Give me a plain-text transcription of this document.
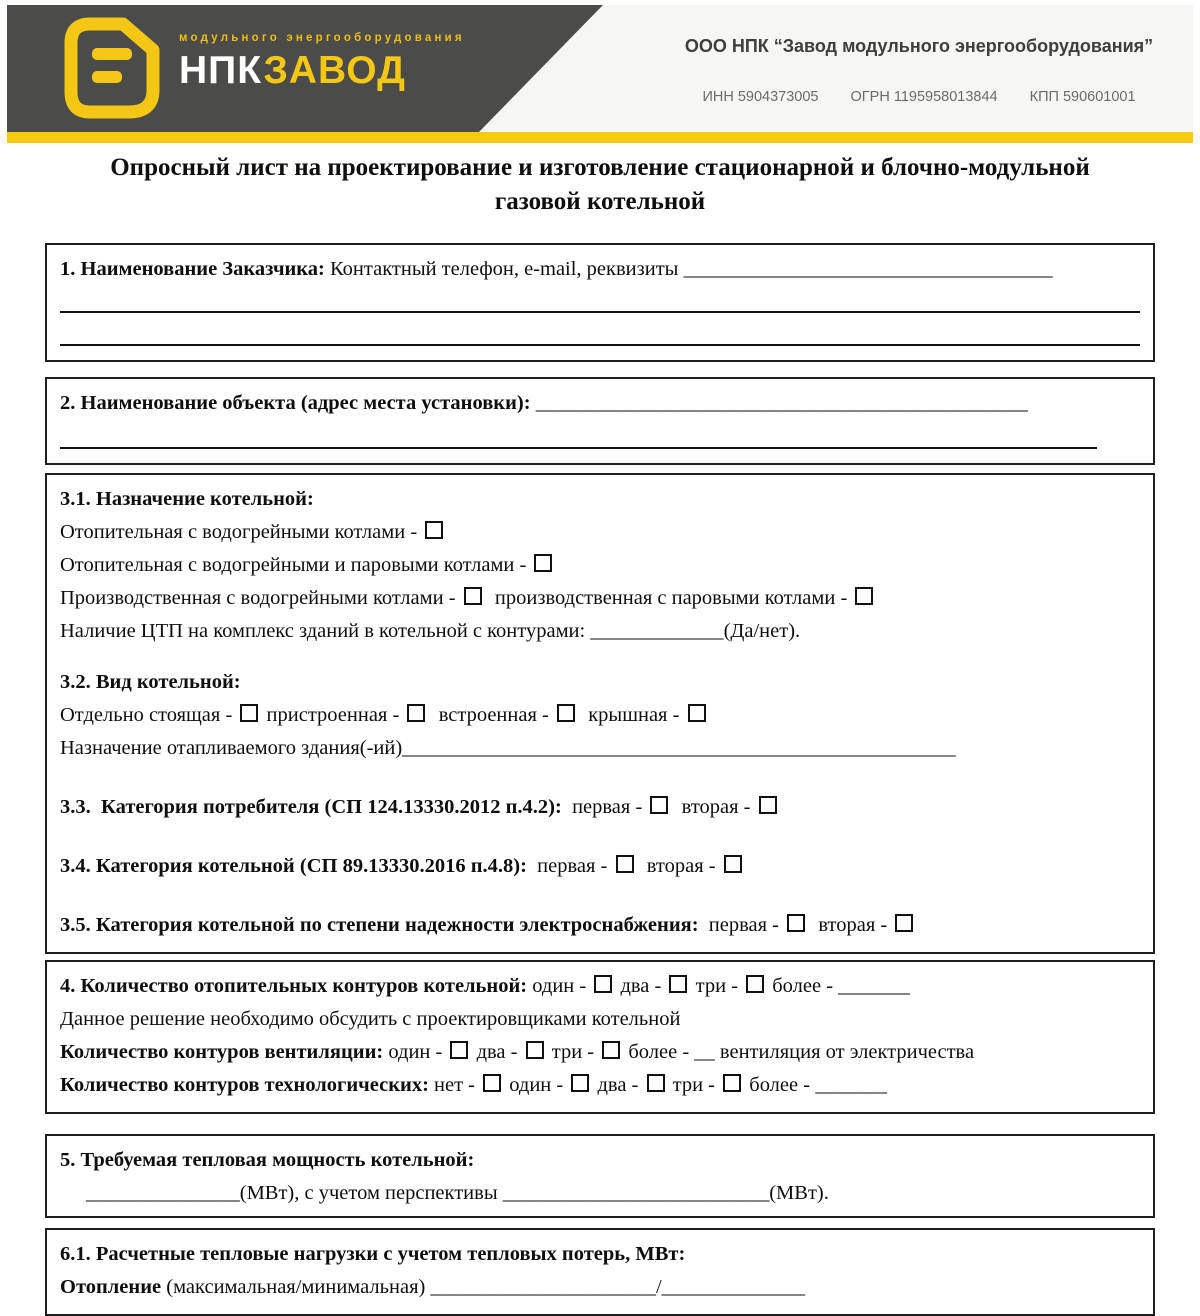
модульного энергооборудования
НПКЗАВОД
ООО НПК “Завод модульного энергооборудования”
ИНН 5904373005 ОГРН 1195958013844 КПП 590601001
Опросный лист на проектирование и изготовление стационарной и блочно-модульной газовой котельной
1. Наименование Заказчика: Контактный телефон, e-mail, реквизиты ____________________________________
2. Наименование объекта (адрес места установки): ________________________________________________
3.1. Назначение котельной:
Отопительная с водогрейными котлами -
Отопительная с водогрейными и паровыми котлами -
Производственная с водогрейными котлами -   производственная с паровыми котлами -
Наличие ЦТП на комплекс зданий в котельной с контурами: _____________(Да/нет).
3.2. Вид котельной:
Отдельно стоящая -  пристроенная -   встроенная -   крышная -
Назначение отапливаемого здания(-ий)______________________________________________________
3.3.  Категория потребителя (СП 124.13330.2012 п.4.2):  первая -   вторая -
3.4. Категория котельной (СП 89.13330.2016 п.4.8):  первая -   вторая -
3.5. Категория котельной по степени надежности электроснабжения:  первая -   вторая -
4. Количество отопительных контуров котельной: один -  два -  три -  более - _______
Данное решение необходимо обсудить с проектировщиками котельной
Количество контуров вентиляции: один -  два -  три -  более - __ вентиляция от электричества
Количество контуров технологических: нет -  один -  два -  три -  более - _______
5. Требуемая тепловая мощность котельной:
_______________(МВт), с учетом перспективы __________________________(МВт).
6.1. Расчетные тепловые нагрузки с учетом тепловых потерь, МВт:
Отопление (максимальная/минимальная) ______________________/______________
